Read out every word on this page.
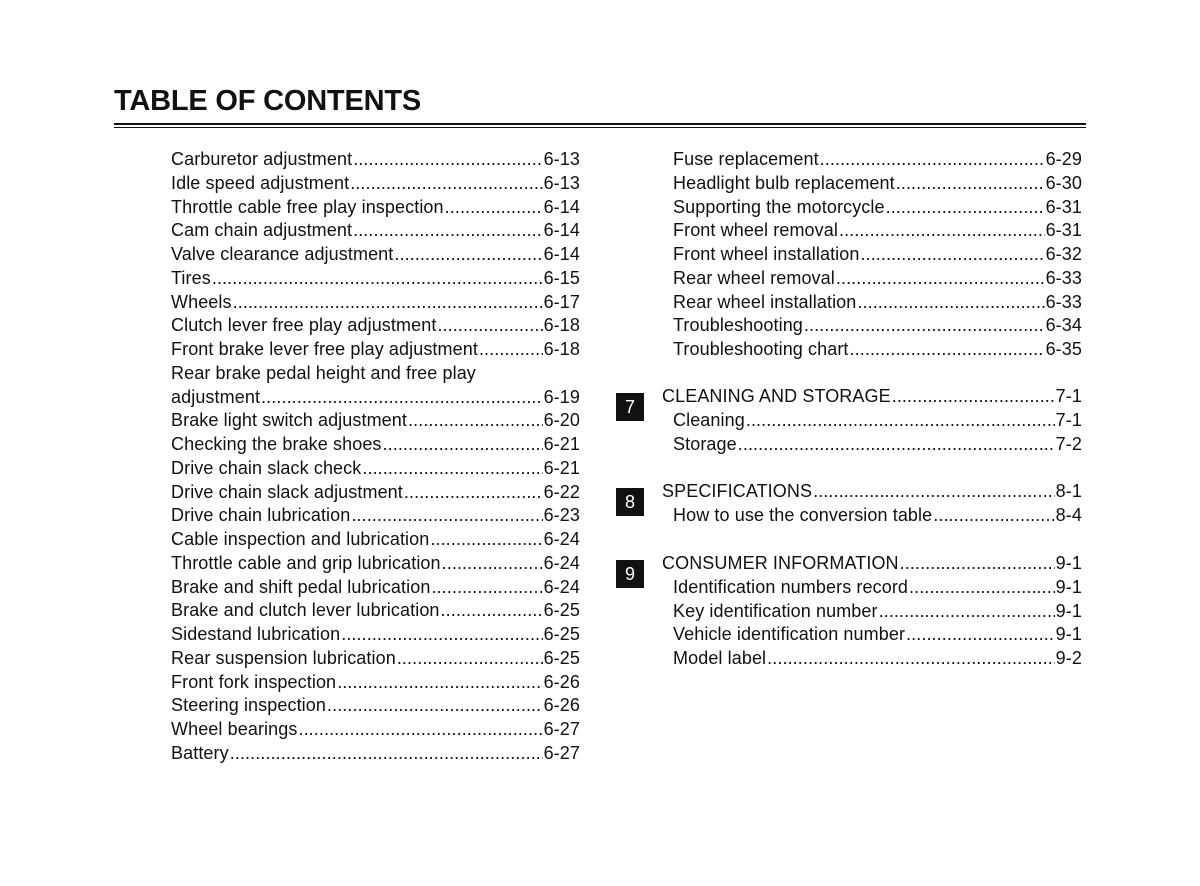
TABLE OF CONTENTS
Carburetor adjustment .....	6-13
Idle speed adjustment .....	6-13
Throttle cable free play inspection .....	6-14
Cam chain adjustment .....	6-14
Valve clearance adjustment .....	6-14
Tires .....	6-15
Wheels .....	6-17
Clutch lever free play adjustment .....	6-18
Front brake lever free play adjustment .....	6-18
Rear brake pedal height and free play
adjustment .....	6-19
Brake light switch adjustment .....	6-20
Checking the brake shoes .....	6-21
Drive chain slack check .....	6-21
Drive chain slack adjustment .....	6-22
Drive chain lubrication .....	6-23
Cable inspection and lubrication .....	6-24
Throttle cable and grip lubrication .....	6-24
Brake and shift pedal lubrication .....	6-24
Brake and clutch lever lubrication .....	6-25
Sidestand lubrication .....	6-25
Rear suspension lubrication .....	6-25
Front fork inspection .....	6-26
Steering inspection .....	6-26
Wheel bearings .....	6-27
Battery .....	6-27
Fuse replacement .....	6-29
Headlight bulb replacement .....	6-30
Supporting the motorcycle .....	6-31
Front wheel removal .....	6-31
Front wheel installation .....	6-32
Rear wheel removal .....	6-33
Rear wheel installation .....	6-33
Troubleshooting .....	6-34
Troubleshooting chart .....	6-35
7
CLEANING AND STORAGE .....	7-1
Cleaning .....	7-1
Storage .....	7-2
8
SPECIFICATIONS .....	8-1
How to use the conversion table .....	8-4
9
CONSUMER INFORMATION .....	9-1
Identification numbers record .....	9-1
Key identification number .....	9-1
Vehicle identification number .....	9-1
Model label .....	9-2
